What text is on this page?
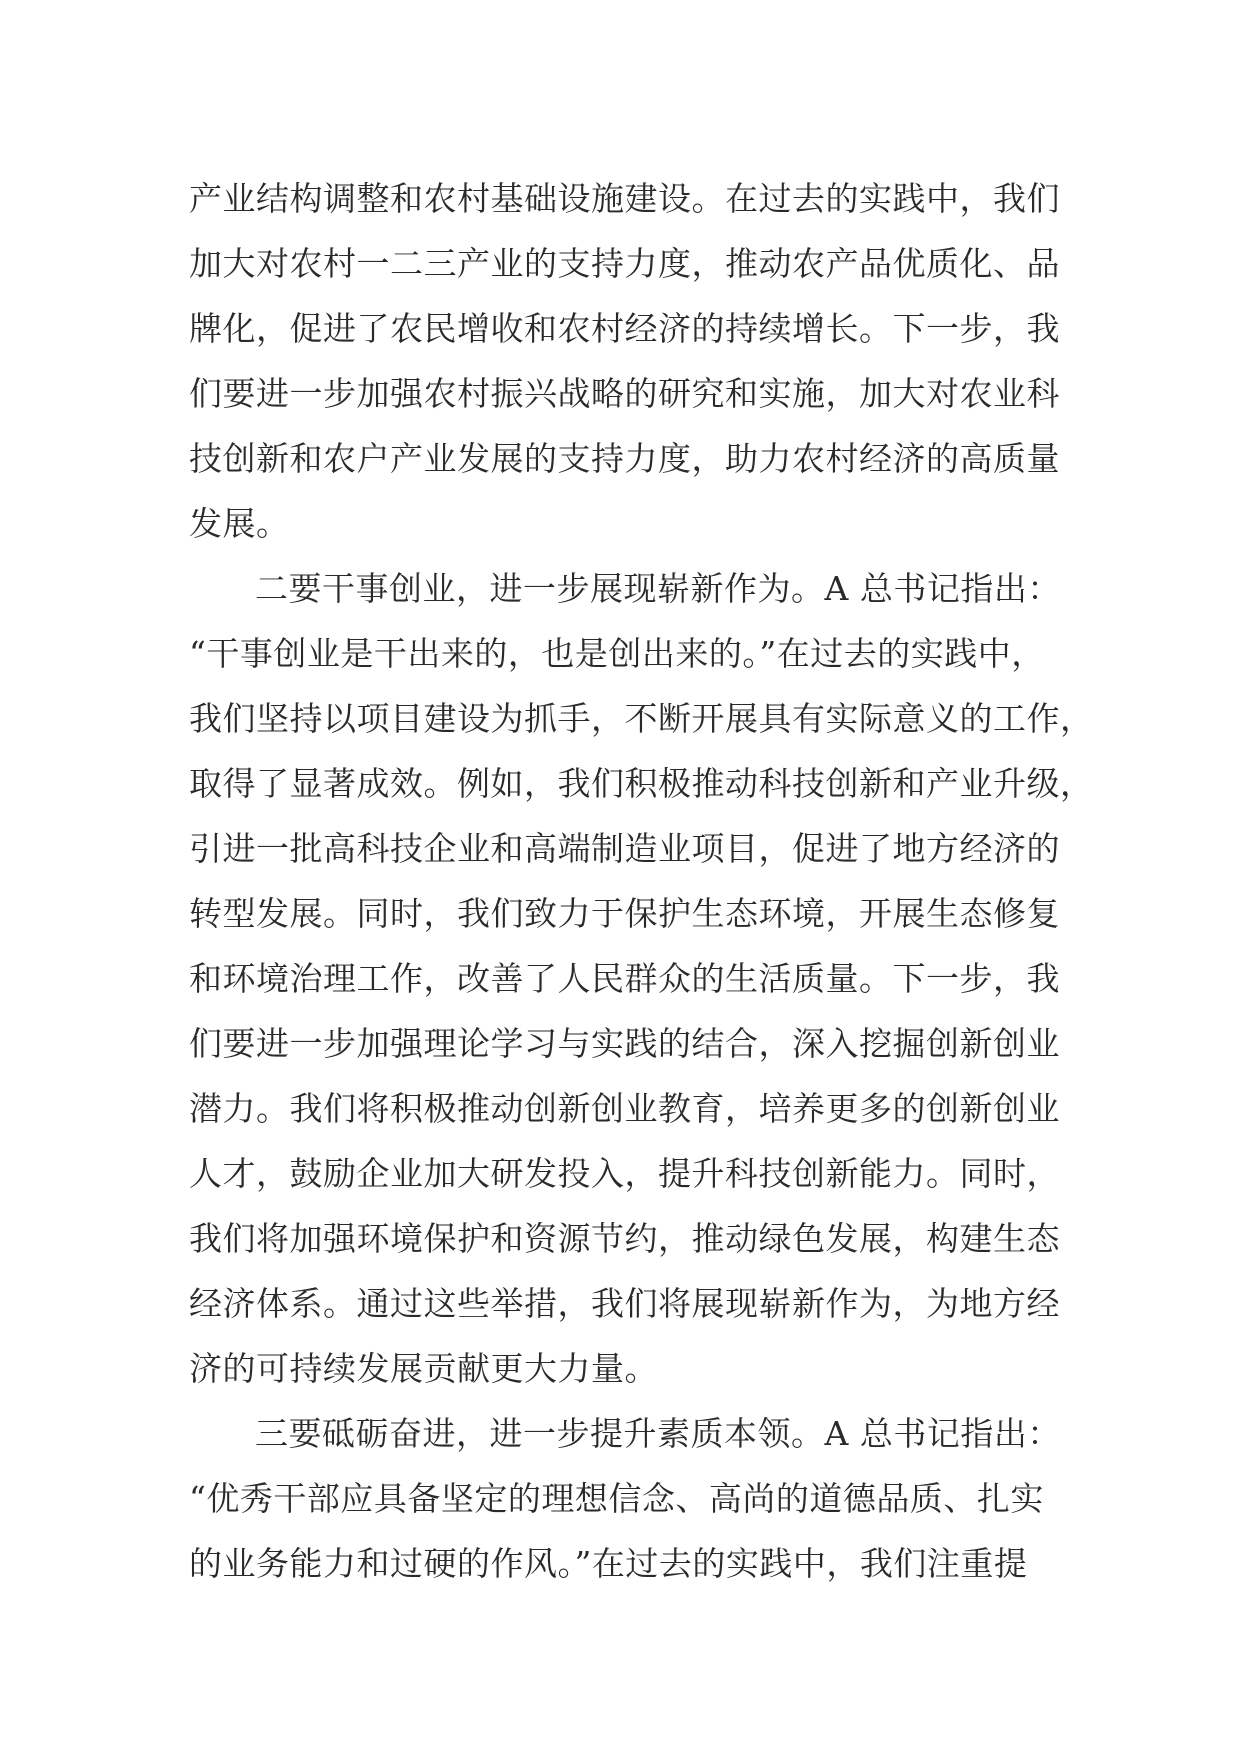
产业结构调整和农村基础设施建设。在过去的实践中，我们
加大对农村一二三产业的支持力度，推动农产品优质化、品
牌化，促进了农民增收和农村经济的持续增长。下一步，我
们要进一步加强农村振兴战略的研究和实施，加大对农业科
技创新和农户产业发展的支持力度，助力农村经济的高质量
发展。

二要干事创业，进一步展现崭新作为。A 总书记指出：
“干事创业是干出来的，也是创出来的。”在过去的实践中，
我们坚持以项目建设为抓手，不断开展具有实际意义的工作，
取得了显著成效。例如，我们积极推动科技创新和产业升级，
引进一批高科技企业和高端制造业项目，促进了地方经济的
转型发展。同时，我们致力于保护生态环境，开展生态修复
和环境治理工作，改善了人民群众的生活质量。下一步，我
们要进一步加强理论学习与实践的结合，深入挖掘创新创业
潜力。我们将积极推动创新创业教育，培养更多的创新创业
人才，鼓励企业加大研发投入，提升科技创新能力。同时，
我们将加强环境保护和资源节约，推动绿色发展，构建生态
经济体系。通过这些举措，我们将展现崭新作为，为地方经
济的可持续发展贡献更大力量。

三要砥砺奋进，进一步提升素质本领。A 总书记指出：
“优秀干部应具备坚定的理想信念、高尚的道德品质、扎实
的业务能力和过硬的作风。”在过去的实践中，我们注重提
